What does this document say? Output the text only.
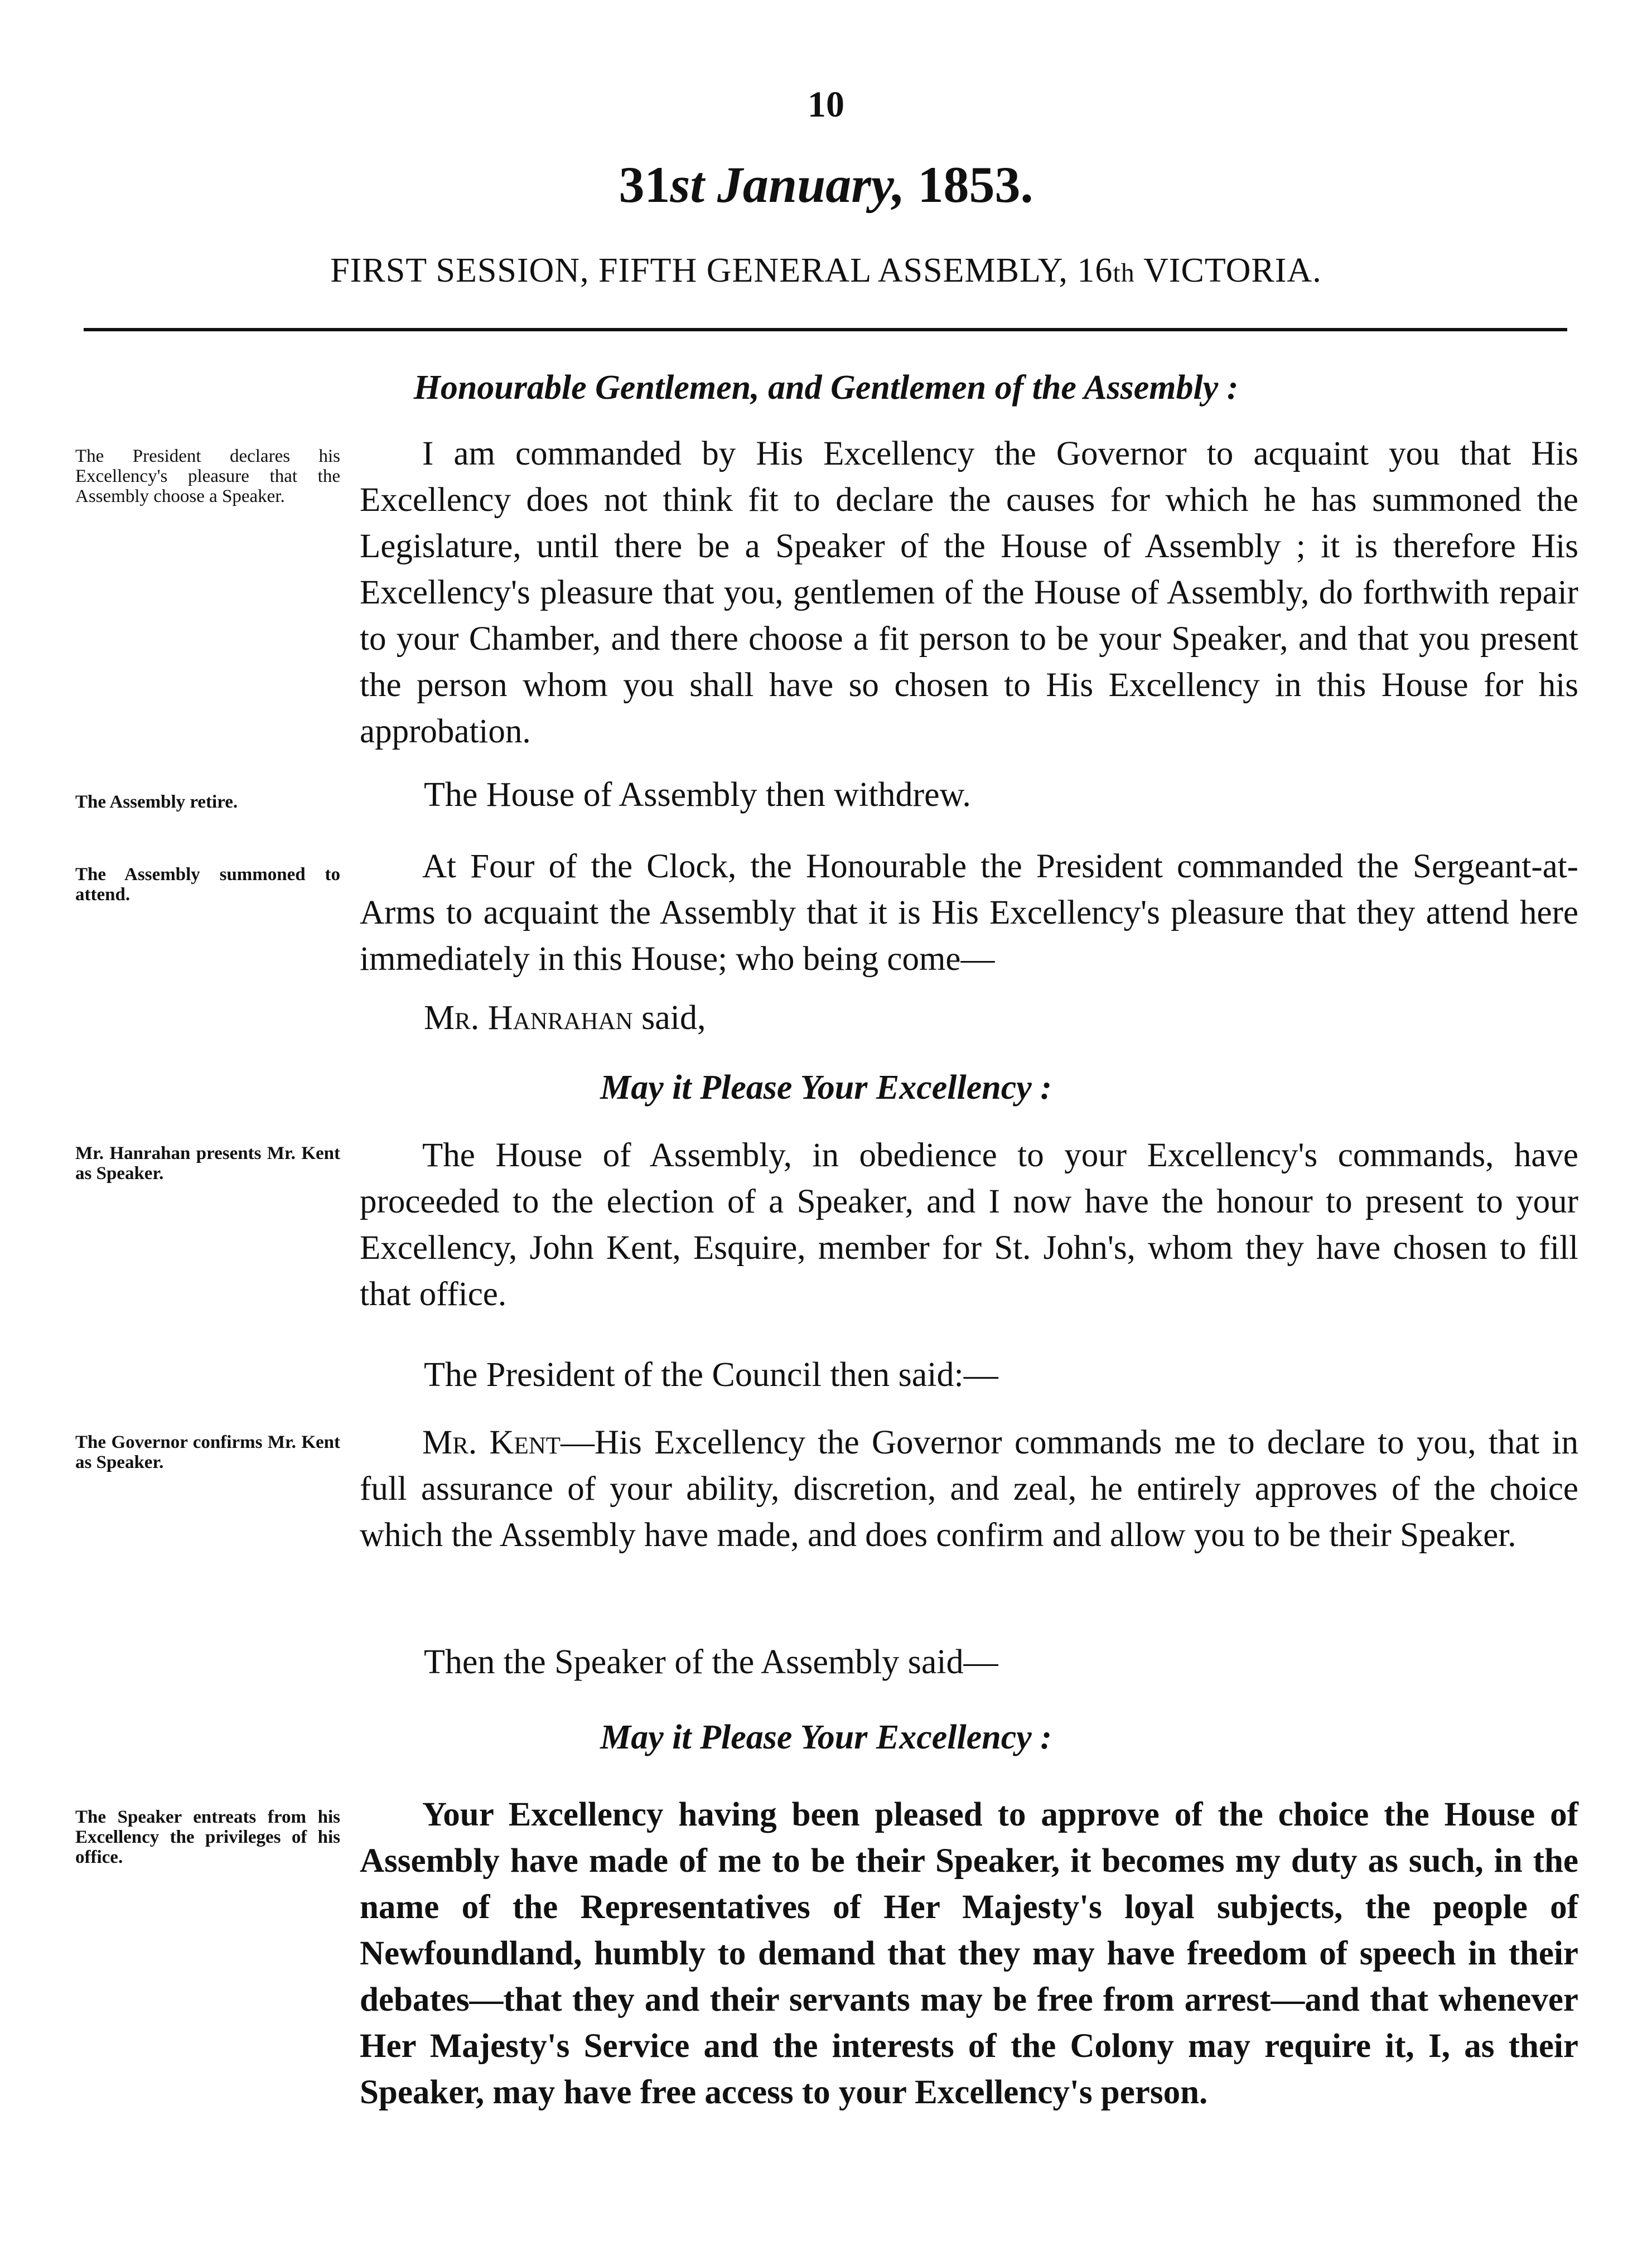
10
31st January, 1853.
FIRST SESSION, FIFTH GENERAL ASSEMBLY, 16th VICTORIA.
Honourable Gentlemen, and Gentlemen of the Assembly :
The President declares his Excellency's pleasure that the Assembly choose a Speaker.

I am commanded by His Excellency the Governor to acquaint you that His Excellency does not think fit to declare the causes for which he has summoned the Legislature, until there be a Speaker of the House of Assembly ; it is therefore His Excellency's pleasure that you, gentlemen of the House of Assembly, do forthwith repair to your Chamber, and there choose a fit person to be your Speaker, and that you present the person whom you shall have so chosen to His Excellency in this House for his approbation.

The Assembly retire.	The House of Assembly then withdrew.
The Assembly summoned to attend.

At Four of the Clock, the Honourable the President commanded the Sergeant-at-Arms to acquaint the Assembly that it is His Excellency's pleasure that they attend here immediately in this House; who being come—

Mr. Hanrahan said,
May it Please Your Excellency :
Mr. Hanrahan presents Mr. Kent as Speaker.	The House of Assembly, in obedience to your Excellency's commands, have proceeded to the election of a Speaker, and I now have the honour to present to your Excellency, John Kent, Esquire, member for St. John's, whom they have chosen to fill that office.

The President of the Council then said:—
The Governor confirms Mr. Kent as Speaker.

Mr. Kent—His Excellency the Governor commands me to declare to you, that in full assurance of your ability, discretion, and zeal, he entirely approves of the choice which the Assembly have made, and does confirm and allow you to be their Speaker.

Then the Speaker of the Assembly said—
May it Please Your Excellency :
The Speaker entreats from his Excellency the privileges of his office.

Your Excellency having been pleased to approve of the choice the House of Assembly have made of me to be their Speaker, it becomes my duty as such, in the name of the Representatives of Her Majesty's loyal subjects, the people of Newfoundland, humbly to demand that they may have freedom of speech in their debates—that they and their servants may be free from arrest—and that whenever Her Majesty's Service and the interests of the Colony may require it, I, as their Speaker, may have free access to your Excellency's person.
